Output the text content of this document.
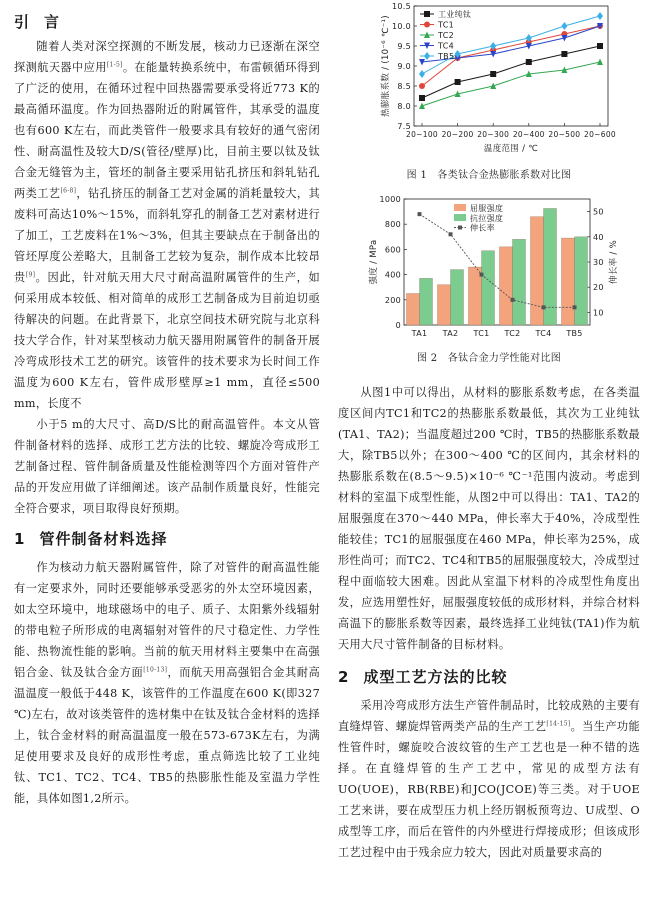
引 言

随着人类对深空探测的不断发展，核动力已逐渐在深空探测航天器中应用[1-5]。在能量转换系统中，布雷顿循环得到了广泛的使用，在循环过程中回热器需要承受将近773 K的最高循环温度。作为回热器附近的附属管件，其承受的温度也有600 K左右，而此类管件一般要求具有较好的通气密闭性、耐高温性及较大D/S(管径/壁厚)比，目前主要以钛及钛合金无缝管为主，管坯的制备主要采用钻孔挤压和斜轧钻孔两类工艺[6-8]，钻孔挤压的制备工艺对金属的消耗量较大，其废料可高达10%～15%，而斜轧穿孔的制备工艺对素材进行了加工，工艺废料在1%～3%，但其主要缺点在于制备出的管坯厚度公差略大，且制备工艺较为复杂，制作成本比较昂贵[9]。因此，针对航天用大尺寸耐高温附属管件的生产，如何采用成本较低、相对简单的成形工艺制备成为目前迫切亟待解决的问题。在此背景下，北京空间技术研究院与北京科技大学合作，针对某型核动力航天器用附属管件的制备开展冷弯成形技术工艺的研究。该管件的技术要求为长时间工作温度为600 K左右，管件成形壁厚≥1 mm，直径≤500 mm，长度不

小于5 m的大尺寸、高D/S比的耐高温管件。本文从管件制备材料的选择、成形工艺方法的比较、螺旋冷弯成形工艺制备过程、管件制备质量及性能检测等四个方面对管件产品的开发应用做了详细阐述。该产品制作质量良好，性能完全符合要求，项目取得良好预期。

1 管件制备材料选择

作为核动力航天器附属管件，除了对管件的耐高温性能有一定要求外，同时还要能够承受恶劣的外太空环境因素，如太空环境中，地球磁场中的电子、质子、太阳紫外线辐射的带电粒子所形成的电离辐射对管件的尺寸稳定性、力学性能、热物流性能的影响。当前的航天用材料主要集中在高强铝合金、钛及钛合金方面[10-13]，而航天用高强铝合金其耐高温温度一般低于448 K，该管件的工作温度在600 K(即327 ℃)左右，故对该类管件的选材集中在钛及钛合金材料的选择上，钛合金材料的耐高温温度一般在573-673K左右，为满足使用要求及良好的成形性考虑，重点筛选比较了工业纯钛、TC1、TC2、TC4、TB5的热膨胀性能及室温力学性能，具体如图1,2所示。

7.5
8.0
8.5
9.0
9.5
10.0
10.5
20~100 20~200 20~300 20~400 20~500 20~600
温度范围 / ℃
热膨胀系数 / (10⁻⁶ ℃⁻¹)
工业纯钛
TC1
TC2
TC4
TB5
图 1　各类钛合金热膨胀系数对比图
0
200
400
600
800
1000
10
20
30
40
50
强度 / MPa	伸长率 / %
TA1 TA2 TC1 TC2 TC4 TB5
屈服强度
抗拉强度
伸长率
图 2　各钛合金力学性能对比图

从图1中可以得出，从材料的膨胀系数考虑，在各类温度区间内TC1和TC2的热膨胀系数最低，其次为工业纯钛(TA1、TA2)；当温度超过200 ℃时，TB5的热膨胀系数最大，除TB5以外；在300～400 ℃的区间内，其余材料的热膨胀系数在(8.5～9.5)×10⁻⁶ ℃⁻¹范围内波动。考虑到材料的室温下成型性能，从图2中可以得出：TA1、TA2的屈服强度在370～440 MPa，伸长率大于40%，冷成型性能较佳；TC1的屈服强度在460 MPa，伸长率为25%，成形性尚可；而TC2、TC4和TB5的屈服强度较大，冷成型过程中面临较大困难。因此从室温下材料的冷成型性角度出发，应选用塑性好，屈服强度较低的成形材料，并综合材料高温下的膨胀系数等因素，最终选择工业纯钛(TA1)作为航天用大尺寸管件制备的目标材料。

2 成型工艺方法的比较

采用冷弯成形方法生产管件制品时，比较成熟的主要有直缝焊管、螺旋焊管两类产品的生产工艺[14-15]。当生产功能性管件时，螺旋咬合波纹管的生产工艺也是一种不错的选择。在直缝焊管的生产工艺中，常见的成型方法有UO(UOE)，RB(RBE)和JCO(JCOE)等三类。对于UOE工艺来讲，要在成型压力机上经历钢板预弯边、U成型、O成型等工序，而后在管件的内外壁进行焊接成形；但该成形工艺过程中由于残余应力较大，因此对质量要求高的
